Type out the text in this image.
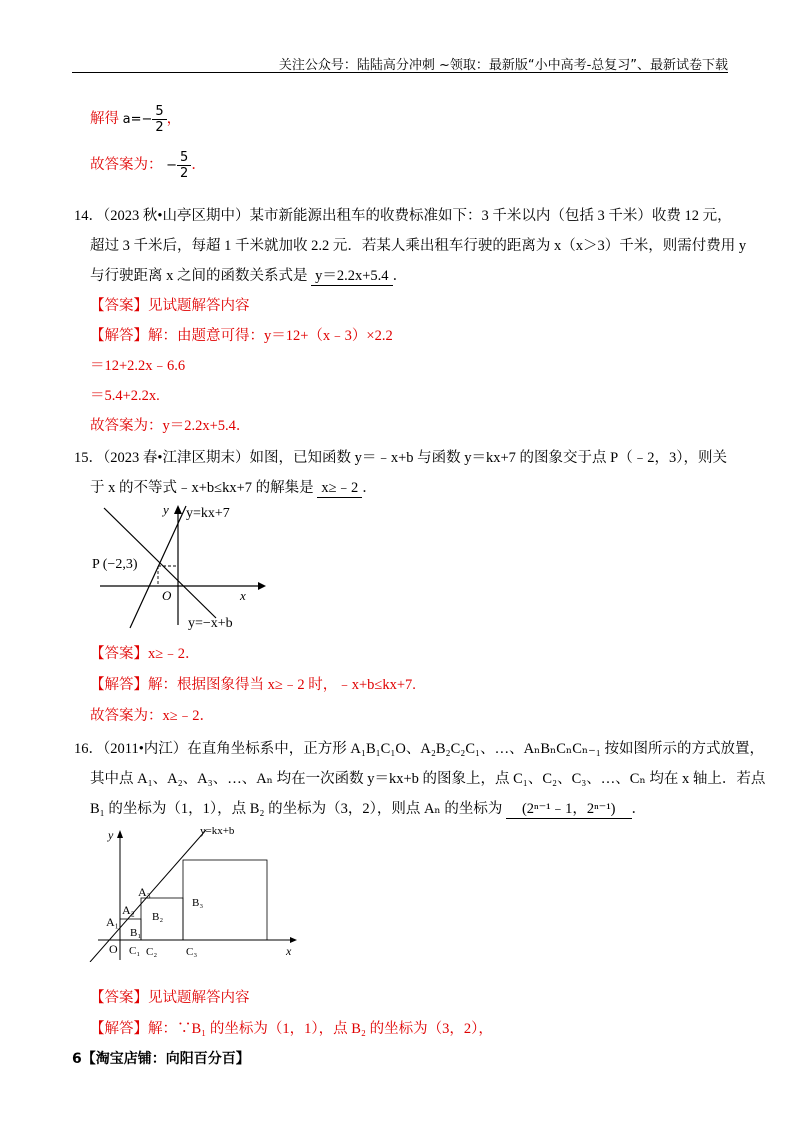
关注公众号：陆陆高分冲刺 ~领取：最新版“小中高考-总复习”、最新试卷下载
解得 $a=- \frac{5}{2}$ ，
故答案为： − $\frac{5}{2}$ ．
14．（2023 秋•山亭区期中）某市新能源出租车的收费标准如下：3 千米以内（包括 3 千米）收费 12 元，
超过 3 千米后，每超 1 千米就加收 2.2 元．若某人乘出租车行驶的距离为 x（x＞3）千米，则需付费用 y
与行驶距离 x 之间的函数关系式是 y＝2.2x+5.4 ．
【答案】见试题解答内容
【解答】解：由题意可得：y＝12+（x﹣3）×2.2
＝12+2.2x﹣6.6
＝5.4+2.2x.
故答案为：y＝2.2x+5.4．
15．（2023 春•江津区期末）如图，已知函数 y＝﹣x+b 与函数 y＝kx+7 的图象交于点 P（﹣2，3），则关
于 x 的不等式﹣x+b≤kx+7 的解集是 x≥﹣2 ．
y=kx+7
y
P (−2,3)
O	x
y=−x+b
【答案】x≥﹣2．
【解答】解：根据图象得当 x≥﹣2 时，﹣x+b≤kx+7.
故答案为：x≥﹣2．
16．（2011•内江）在直角坐标系中，正方形 A₁B₁C₁O、A₂B₂C₂C₁、…、AₙBₙCₙCₙ₋₁ 按如图所示的方式放置，
其中点 A₁、A₂、A₃、…、Aₙ 均在一次函数 y＝kx+b 的图象上，点 C₁、C₂、C₃、…、Cₙ 均在 x 轴上．若点
B₁ 的坐标为（1，1），点 B₂ 的坐标为（3，2），则点 Aₙ 的坐标为 (2ⁿ⁻¹﹣1，2ⁿ⁻¹) ．
y=kx+b
y
x
O
A₁
A₂
A₃
B₁
B₂
B₃
C₁ C₂	C₃
【答案】见试题解答内容
【解答】解：∵B₁ 的坐标为（1，1），点 B₂ 的坐标为（3，2），
6【淘宝店铺：向阳百分百】
